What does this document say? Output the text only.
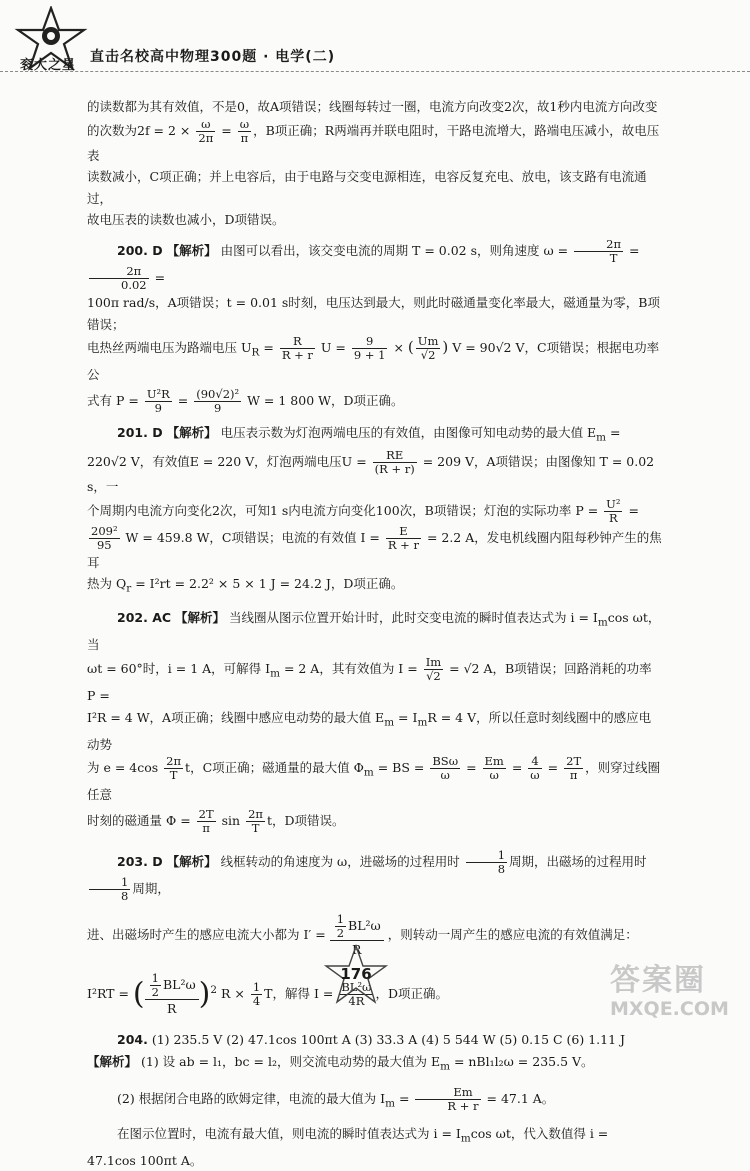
衮大之星
直击名校高中物理300题 · 电学(二)

的读数都为其有效值，不是0，故A项错误；线圈每转过一圈，电流方向改变2次，故1秒内电流方向改变

的次数为$2f = 2 \times \frac{\omega}{2\pi} = \frac{\omega}{\pi}$ ，B项正确；R两端再并联电阻时，干路电流增大，路端电压减小，故电压表

读数减小，C项正确；并上电容后，由于电路与交变电源相连，电容反复充电、放电，该支路有电流通过，

故电压表的读数也减小，D项错误。

200. D 【解析】 由图可以看出，该交变电流的周期 T = 0.02 s，则角速度 $\omega = \frac{2\pi}{T}$ =
$\frac{2\pi}{0.02}$ =

100π rad/s，A项错误；t = 0.01 s时刻，电压达到最大，则此时磁通量变化率最大，磁通量为零，B项错误；

电热丝两端电压为路端电压 $U_R = \frac{R}{R + r}$ $U = \frac{9}{9 + 1}$ × ( $\frac{Um}{√2}$ ) V = 90√2 V，C项错误；根据电功率公

式有 $P = \frac{\text{U²R}}{9} = \frac{\text{(90√2)²}}{9}$ W = 1 800 W，D项正确。

201. D 【解析】 电压表示数为灯泡两端电压的有效值，由图像可知电动势的最大值 $E_m$ =

220√2 V，有效值E = 220 V，灯泡两端电压$U = \frac{RE}{(R + r)} = 209$ V，A项错误；由图像知 T = 0.02 s，一

个周期内电流方向变化2次，可知1 s内电流方向变化100次，B项错误；灯泡的实际功率 $P = \frac{\text{U²}}{R}$ =

$\frac{\text{209²}}{95}$ W = 459.8 W，C项错误；电流的有效值 $I = \frac{E}{R + r} = 2.2$ A，发电机线圈内阻每秒钟产生的焦耳

热为 $Q_r = I^2rt = 2.2^2 \times 5 \times 1$ J = 24.2 J，D项正确。

202. AC 【解析】 当线圈从图示位置开始计时，此时交变电流的瞬时值表达式为 $i = I_m\cos$ ωt，当

ωt = 60°时，i = 1 A，可解得 $I_m = 2$ A，其有效值为 $I = \frac{Im}{√2} = √2$ A，B项错误；回路消耗的功率 P =

I²R = 4 W，A项正确；线圈中感应电动势的最大值 $E_m = I_mR = 4$ V，所以任意时刻线圈中的感应电动势

为 $e = 4\cos \frac{2\pi}{T}$ t，C项正确；磁通量的最大值 $\Phi_m$ = BS = BSω
ω	= $\frac{Em}{\omega} = \frac{4}{\omega} = \frac{2T}{\pi}$ ，则穿过线圈任意

时刻的磁通量 $\Phi = \frac{2T}{\pi}$ $\sin \frac{2\pi}{T}$ t，D项错误。

203. D 【解析】 线框转动的角速度为 ω，进磁场的过程用时 $\frac{1}{8}$ 周期，出磁场的过程用时
$\frac{1}{8}$ 周期，

进、出磁场时产生的感应电流大小都为 $I' = \frac{\frac{1}{2} BL^2\omega}{R}$ ，则转动一周产生的感应电流的有效值满足：

I²RT = ( $\frac{\frac{1}{2} BL^2\omega}{R} )^2$ $R \times \frac{1}{4}$ T，解得 $I = \frac{\text{BL²ω}}{4R}$ ，D项正确。

204. (1) 235.5 V (2) 47.1cos 100πt A (3) 33.3 A (4) 5 544 W (5) 0.15 C (6) 1.11 J

【解析】 (1) 设 ab = l₁，bc = l₂，则交流电动势的最大值为 $E_m = nBl_1l_2\omega = 235.5$ V。

(2) 根据闭合电路的欧姆定律，电流的最大值为 $I_m = \frac{Em}{R + r} = 47.1$ A。

在图示位置时，电流有最大值，则电流的瞬时值表达式为 $i = I_m\cos$ ωt，代入数值得 i =

47.1cos 100πt A。

176	答案圈
MXQE.COM
